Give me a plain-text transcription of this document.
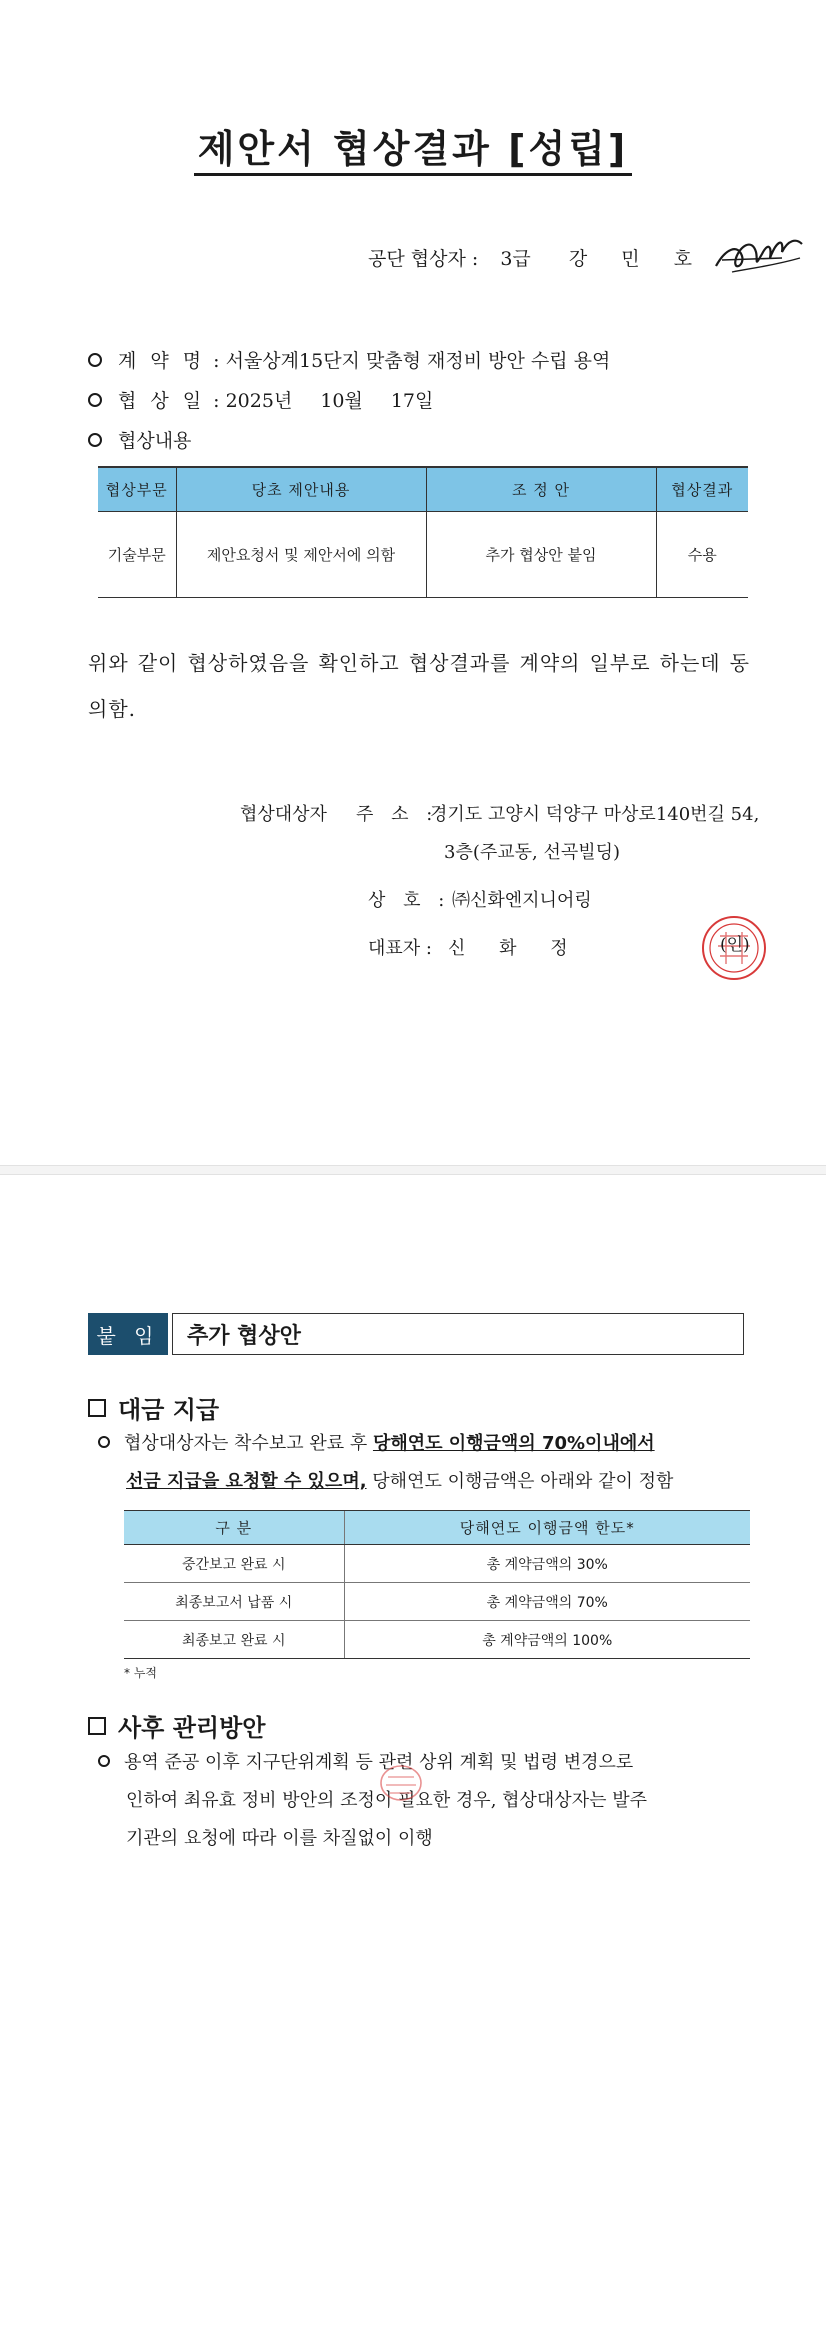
제안서 협상결과 [성립]
공단 협상자 : 3급 강 민 호
계 약 명 : 서울상계15단지 맞춤형 재정비 방안 수립 용역
협 상 일 : 2025년 10월 17일
협상내용
협상부문	당초 제안내용	조 정 안	협상결과
기술부문	제안요청서 및 제안서에 의함	추가 협상안 붙임	수용

위와 같이 협상하였음을 확인하고 협상결과를 계약의 일부로 하는데 동의함.

협상대상자 주 소 :
경기도 고양시 덕양구 마상로140번길 54,
3층(주교동, 선곡빌딩)
상 호 : ㈜신화엔지니어링
대표자 : 신 화 정	(인)
붙 임	추가 협상안
대금 지급
협상대상자는 착수보고 완료 후 당해연도 이행금액의 70%이내에서
선금 지급을 요청할 수 있으며, 당해연도 이행금액은 아래와 같이 정함
구 분	당해연도 이행금액 한도*
중간보고 완료 시	총 계약금액의 30%
최종보고서 납품 시	총 계약금액의 70%
최종보고 완료 시	총 계약금액의 100%
* 누적
사후 관리방안
용역 준공 이후 지구단위계획 등 관련 상위 계획 및 법령 변경으로
인하여 최유효 정비 방안의 조정이 필요한 경우, 협상대상자는 발주
기관의 요청에 따라 이를 차질없이 이행
